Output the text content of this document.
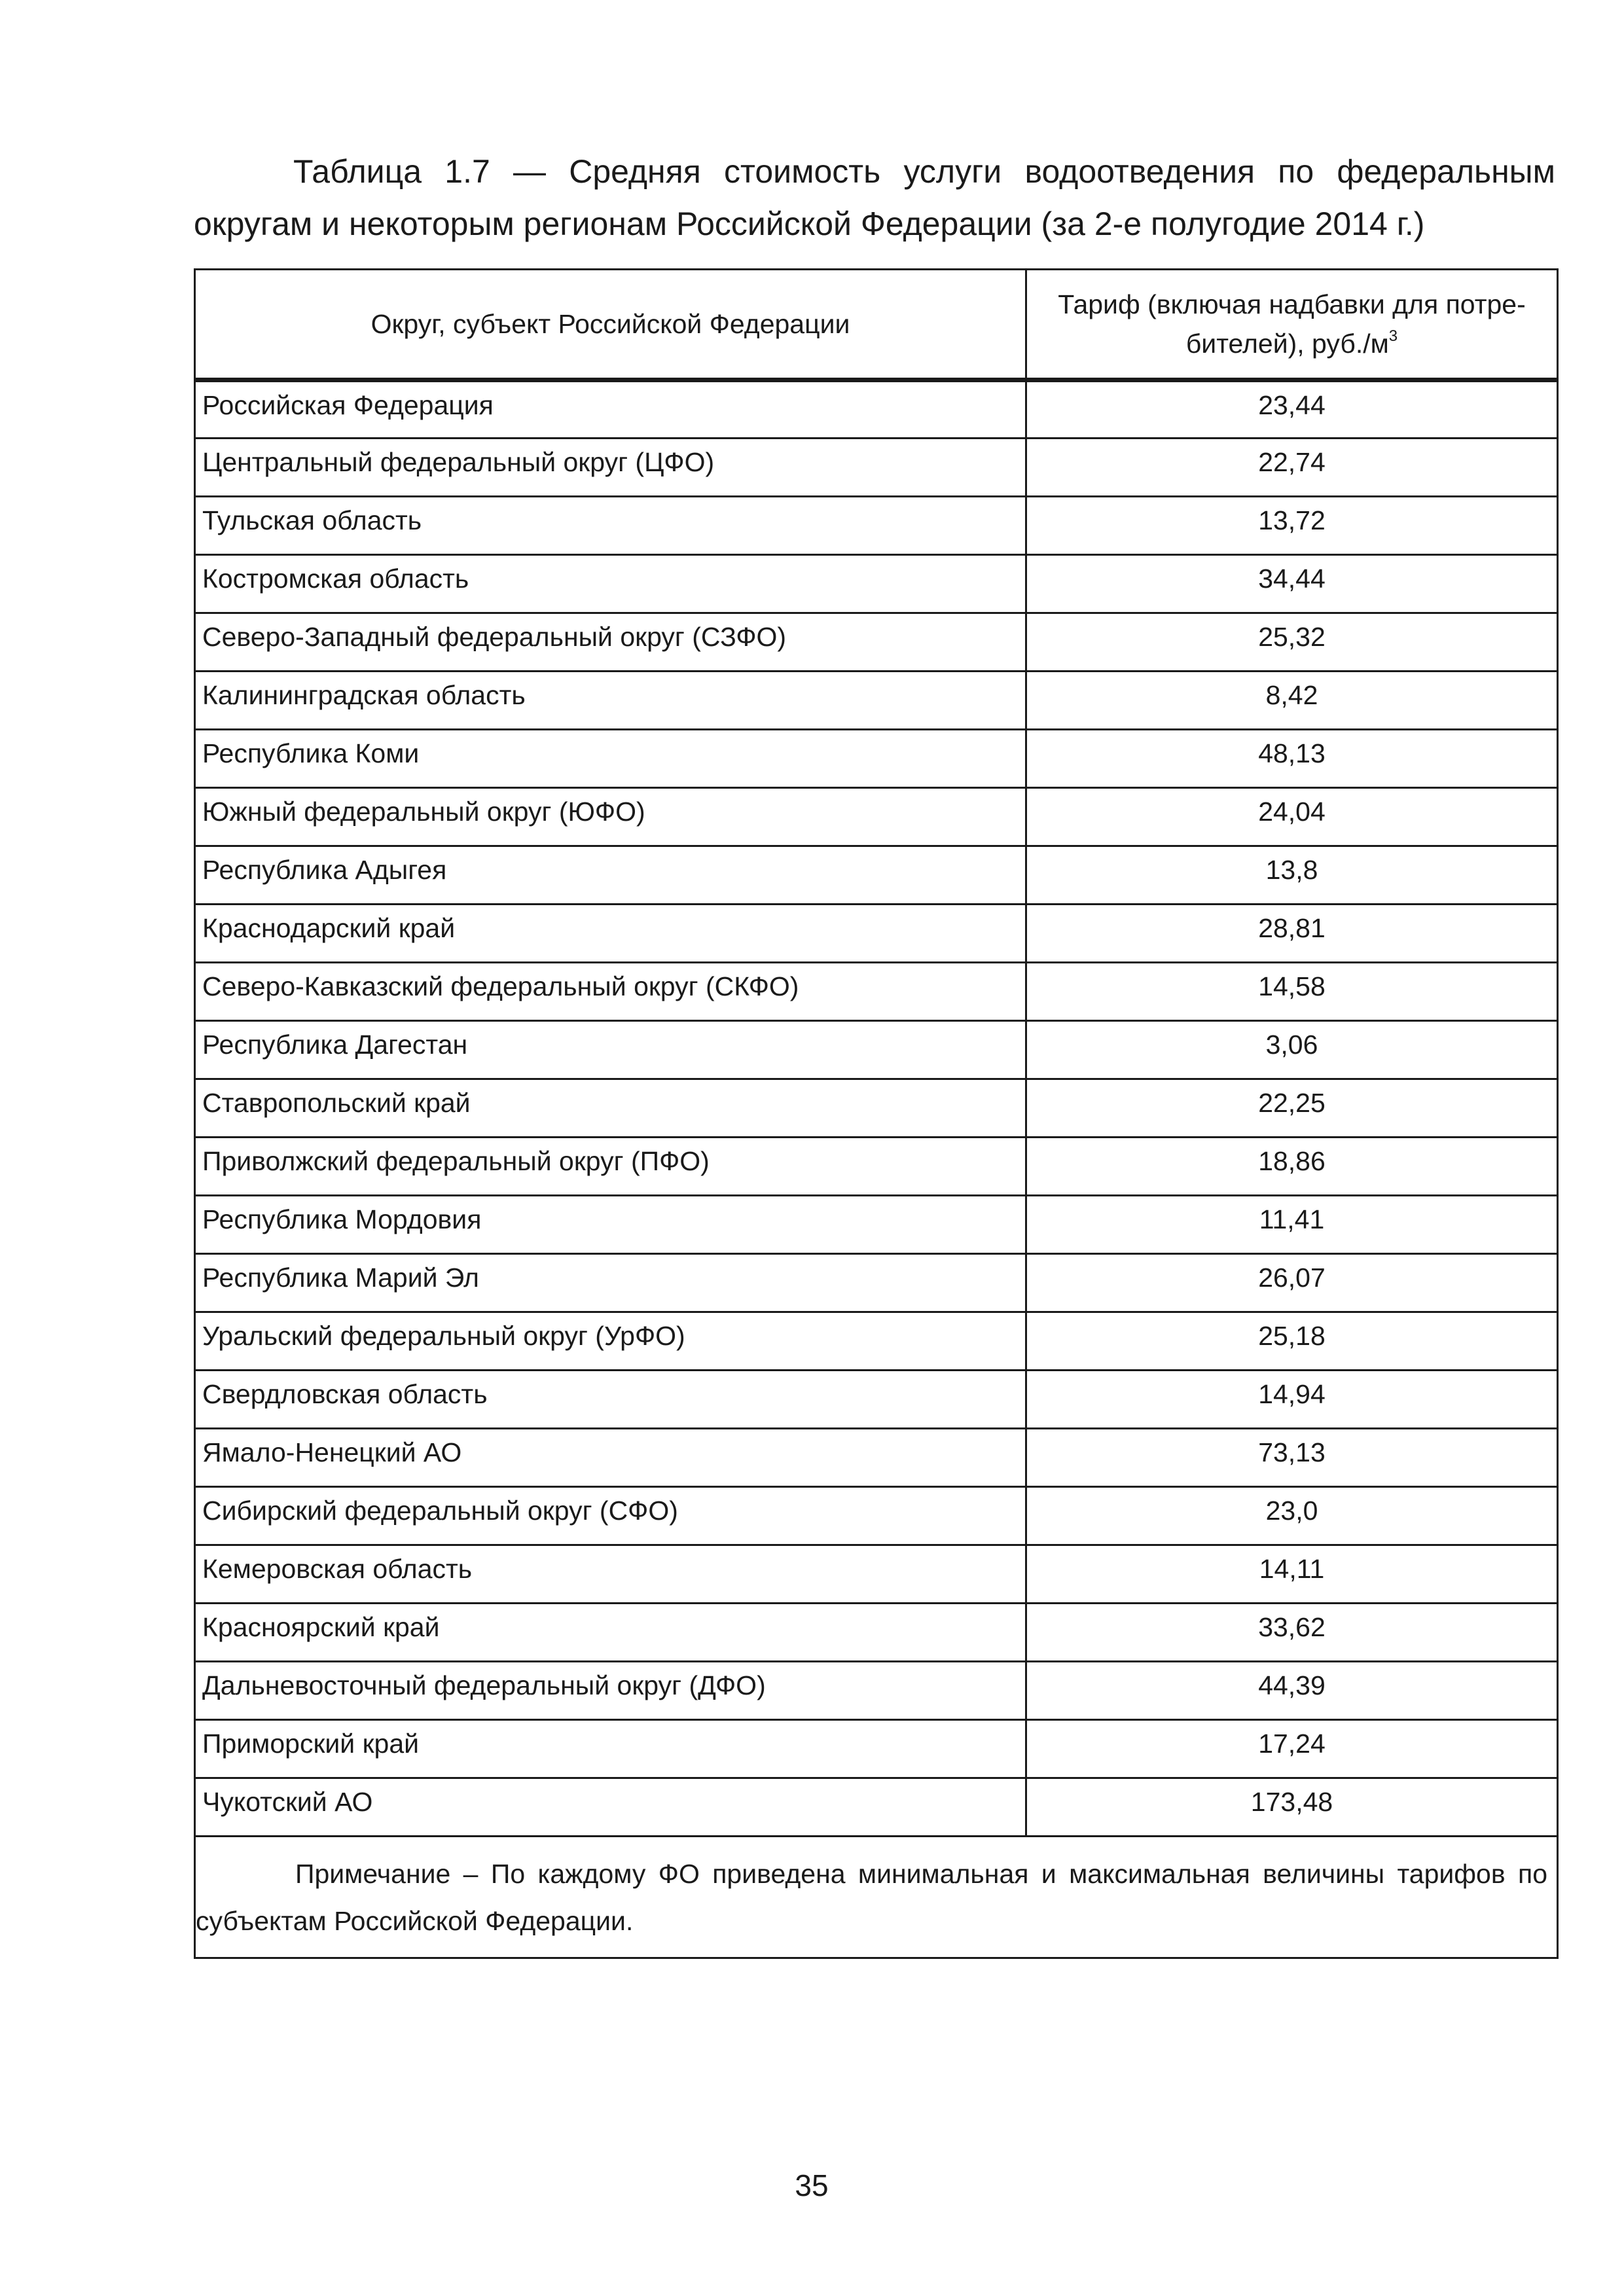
Таблица 1.7 — Средняя стоимость услуги водоотведения по федеральным
округам и некоторым регионам Российской Федерации (за 2-е полугодие 2014 г.)
Округ, субъект Российской Федерации	Тариф (включая надбавки для потре-
бителей), $руб./м^3$
Российская Федерация	23,44
Центральный федеральный округ (ЦФО)	22,74
Тульская область	13,72
Костромская область	34,44
Северо-Западный федеральный округ (СЗФО)	25,32
Калининградская область	8,42
Республика Коми	48,13
Южный федеральный округ (ЮФО)	24,04
Республика Адыгея	13,8
Краснодарский край	28,81
Северо-Кавказский федеральный округ (СКФО)	14,58
Республика Дагестан	3,06
Ставропольский край	22,25
Приволжский федеральный округ (ПФО)	18,86
Республика Мордовия	11,41
Республика Марий Эл	26,07
Уральский федеральный округ (УрФО)	25,18
Свердловская область	14,94
Ямало-Ненецкий АО	73,13
Сибирский федеральный округ (СФО)	23,0
Кемеровская область	14,11
Красноярский край	33,62
Дальневосточный федеральный округ (ДФО)	44,39
Приморский край	17,24
Чукотский АО	173,48

Примечание – По каждому ФО приведена минимальная и максимальная величины тарифов по
субъектам Российской Федерации.	
35
